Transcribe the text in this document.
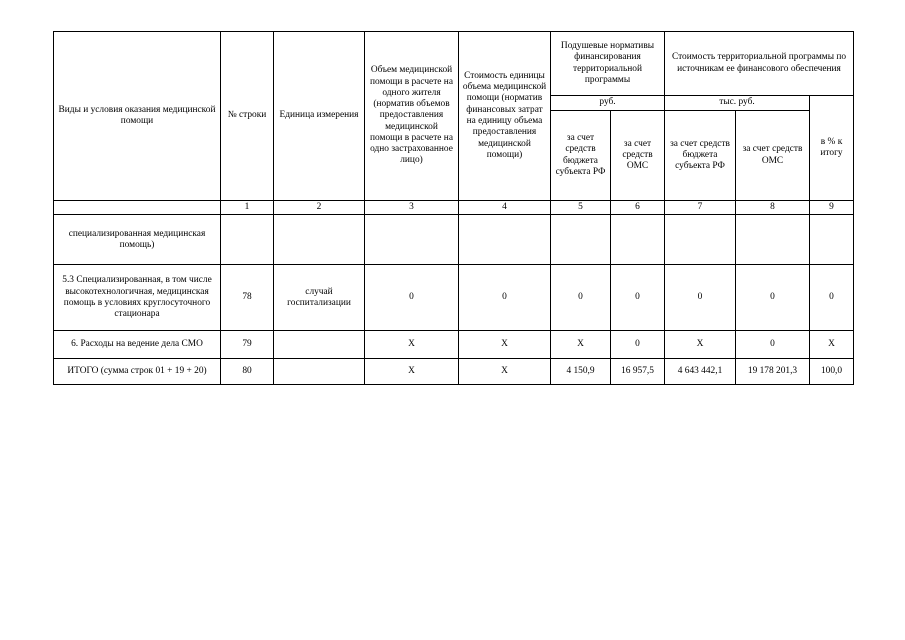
Виды и условия оказания медицинской помощи	№ строки	Единица измерения	Объем медицинской помощи в расчете на одного жителя (норматив объемов предоставления медицинской помощи в расчете на одно застрахованное лицо)	Стоимость единицы объема медицинской помощи (норматив финансовых затрат на единицу объема предоставления медицинской помощи)	Подушевые нормативы финансирования территориальной программы		Стоимость территориальной программы по источникам ее финансового обеспечения		
					руб.		тыс. руб.		в % к итогу
					за счет средств бюджета субъекта РФ	за счет средств ОМС	за счет средств бюджета субъекта РФ	за счет средств ОМС	
	1	2	3	4	5	6	7	8	9
специализированная медицинская помощь)									
5.3 Специализированная, в том числе высокотехнологичная, медицинская помощь в условиях круглосуточного стационара	78	случай госпитализации	0	0	0	0	0	0	0
6. Расходы на ведение дела СМО	79		X	X	X	0	X	0	X
ИТОГО (сумма строк 01 + 19 + 20)	80		X	X	4 150,9	16 957,5	4 643 442,1	19 178 201,3	100,0
